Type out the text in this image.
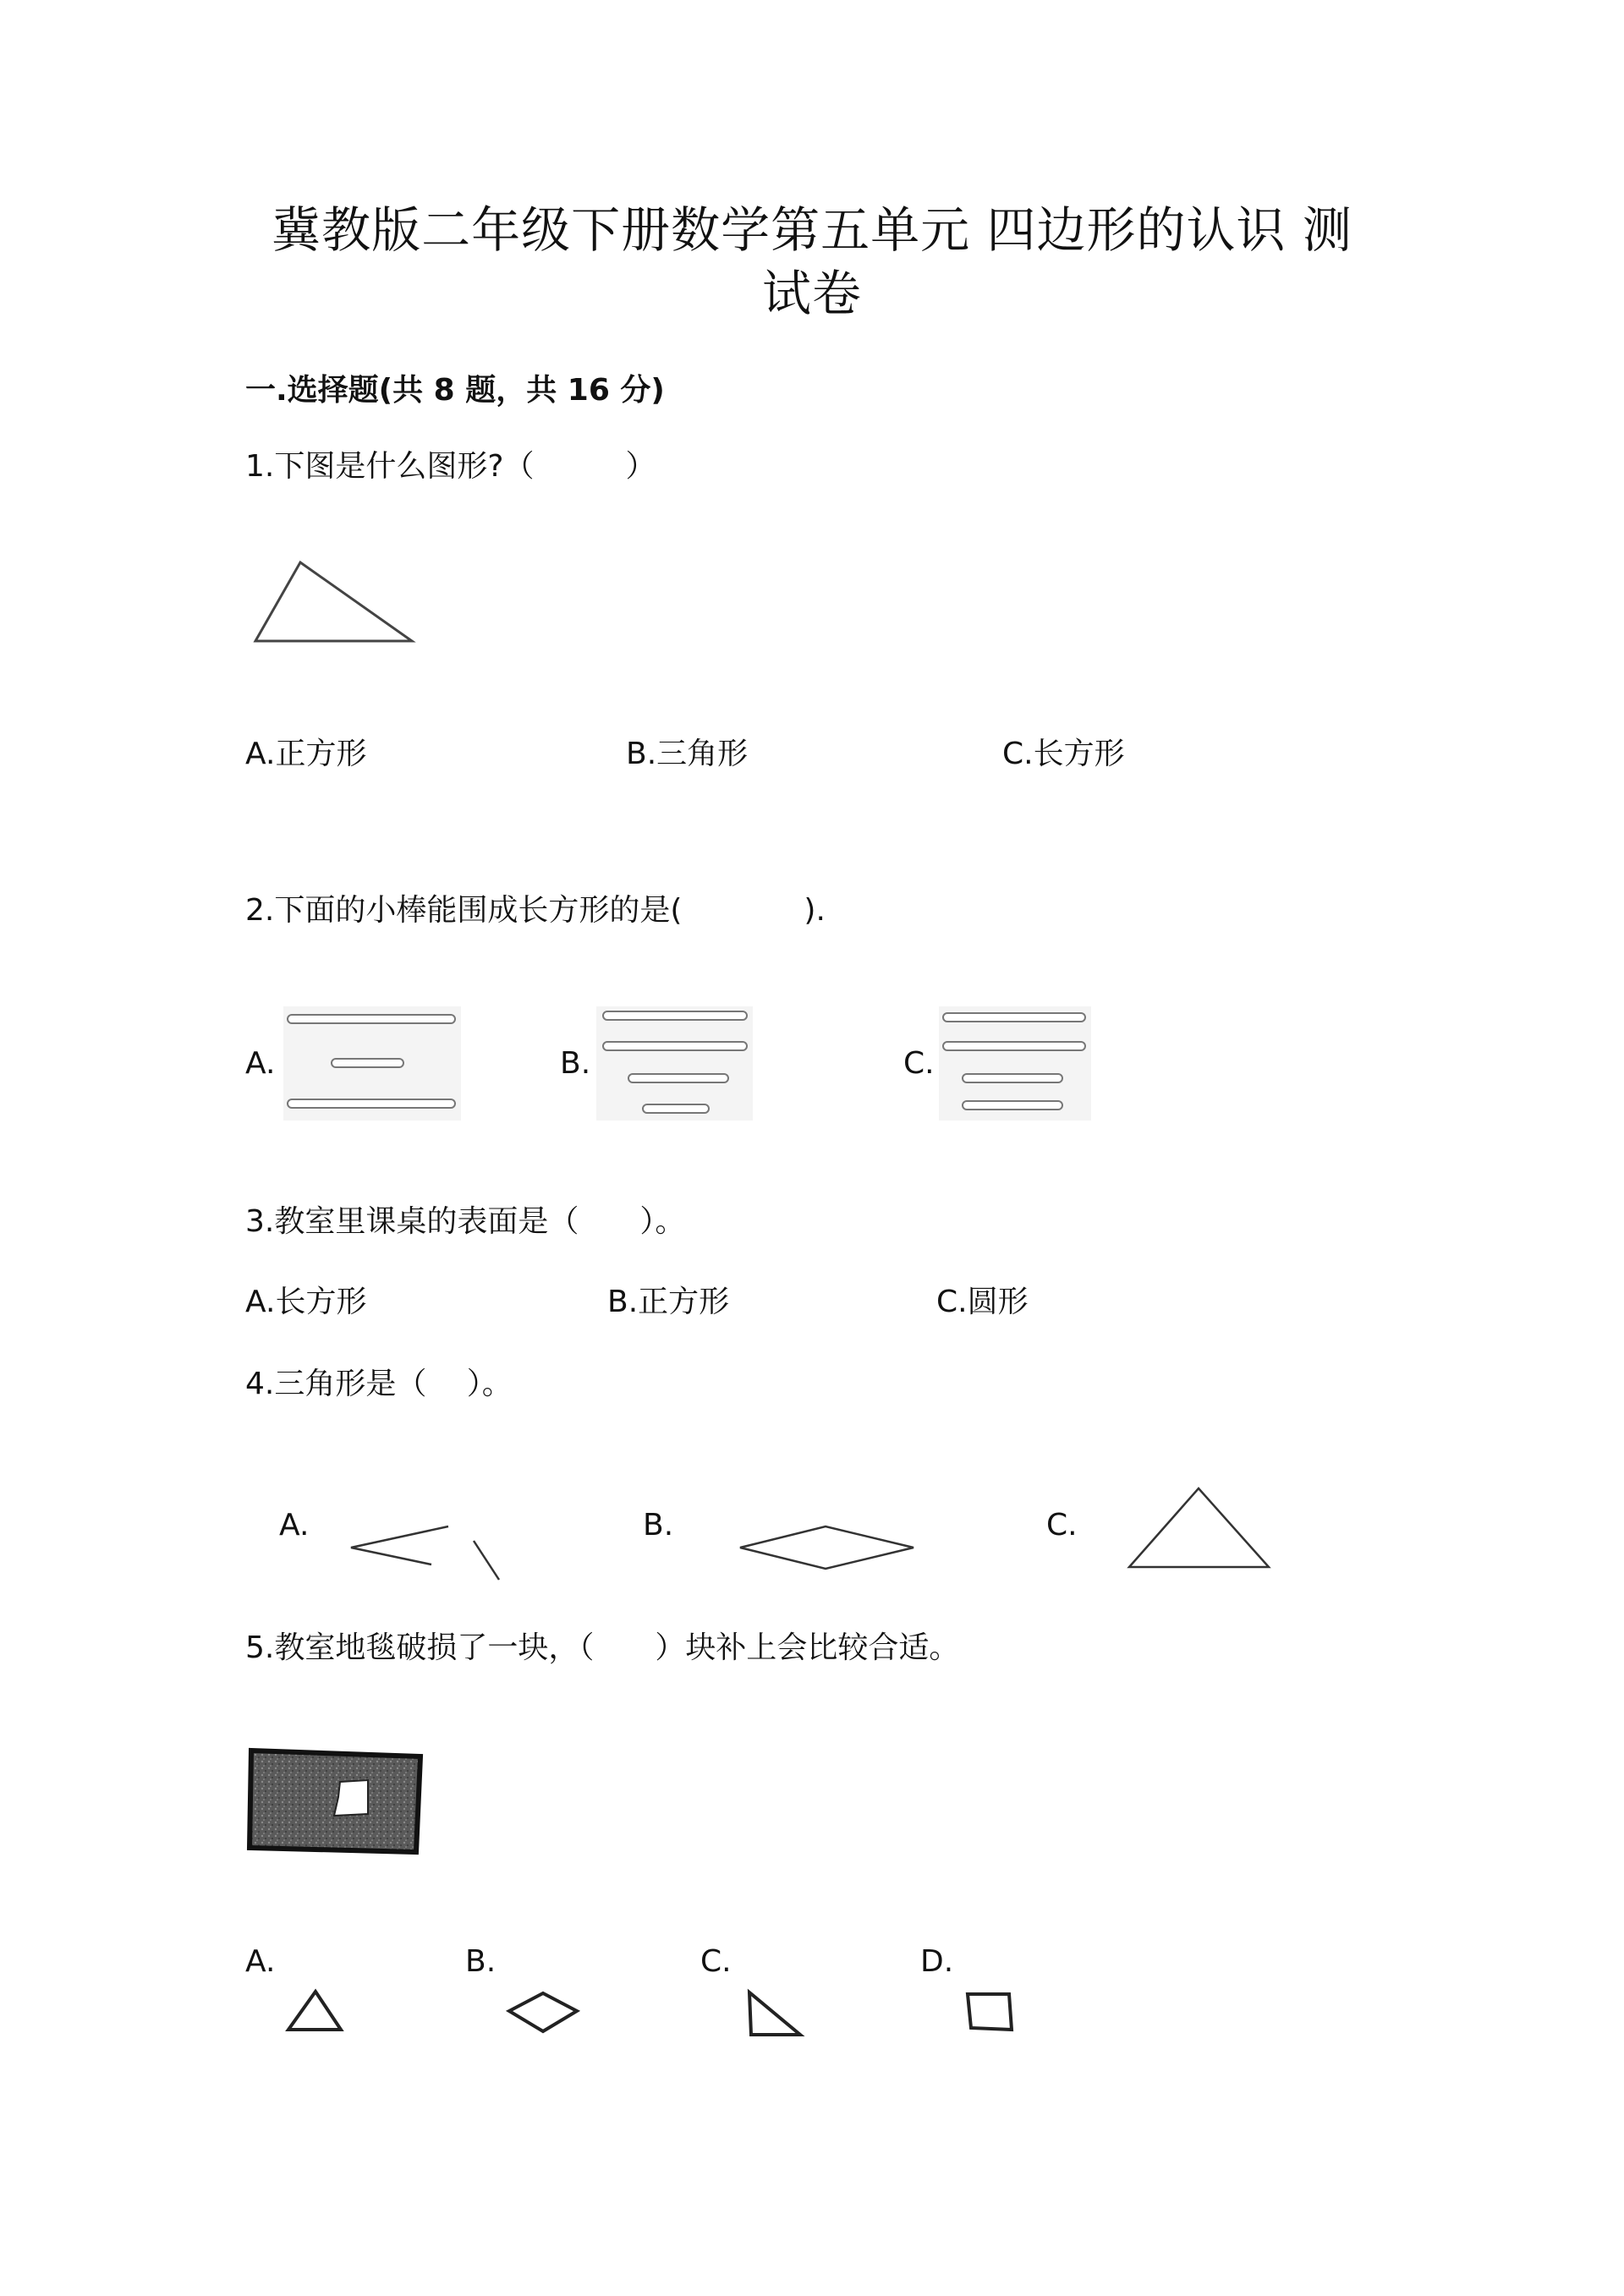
冀教版二年级下册数学第五单元 四边形的认识 测
试卷
一.选择题(共 8 题，共 16 分)
1.下图是什么图形?（　　　）
A.正方形	B.三角形	C.长方形
2.下面的小棒能围成长方形的是(　　　　).
A.	B.	C.
3.教室里课桌的表面是（　　）。
A.长方形	B.正方形	C.圆形
4.三角形是（　 ）。
A.	B.	C.
5.教室地毯破损了一块，（　　）块补上会比较合适。
A.	B.	C.	D.
